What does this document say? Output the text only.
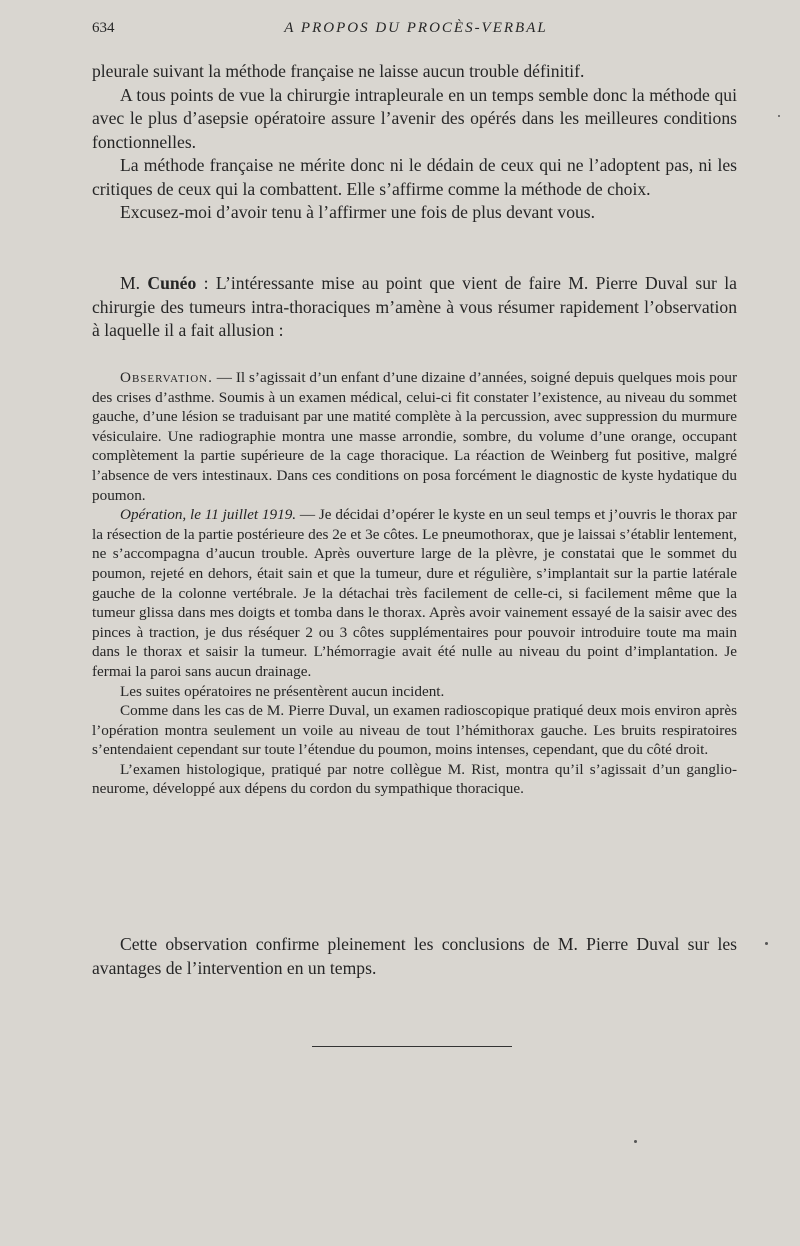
634	A PROPOS DU PROCÈS-VERBAL

pleurale suivant la méthode française ne laisse aucun trouble définitif.

A tous points de vue la chirurgie intrapleurale en un temps semble donc la méthode qui avec le plus d’asepsie opératoire assure l’avenir des opérés dans les meilleures conditions fonctionnelles.

La méthode française ne mérite donc ni le dédain de ceux qui ne l’adoptent pas, ni les critiques de ceux qui la combattent. Elle s’affirme comme la méthode de choix.

Excusez-moi d’avoir tenu à l’affirmer une fois de plus devant vous.

M. Cunéo : L’intéressante mise au point que vient de faire M. Pierre Duval sur la chirurgie des tumeurs intra-thoraciques m’amène à vous résumer rapidement l’observation à laquelle il a fait allusion :

Observation. — Il s’agissait d’un enfant d’une dizaine d’années, soigné depuis quelques mois pour des crises d’asthme. Soumis à un examen médical, celui-ci fit constater l’existence, au niveau du sommet gauche, d’une lésion se traduisant par une matité complète à la percussion, avec suppression du murmure vésiculaire. Une radiographie montra une masse arrondie, sombre, du volume d’une orange, occupant complètement la partie supérieure de la cage thoracique. La réaction de Weinberg fut positive, malgré l’absence de vers intestinaux. Dans ces conditions on posa forcément le diagnostic de kyste hydatique du poumon.

Opération, le 11 juillet 1919. — Je décidai d’opérer le kyste en un seul temps et j’ouvris le thorax par la résection de la partie postérieure des 2e et 3e côtes. Le pneumothorax, que je laissai s’établir lentement, ne s’accompagna d’aucun trouble. Après ouverture large de la plèvre, je constatai que le sommet du poumon, rejeté en dehors, était sain et que la tumeur, dure et régulière, s’implantait sur la partie latérale gauche de la colonne vertébrale. Je la détachai très facilement de celle-ci, si facilement même que la tumeur glissa dans mes doigts et tomba dans le thorax. Après avoir vainement essayé de la saisir avec des pinces à traction, je dus réséquer 2 ou 3 côtes supplémentaires pour pouvoir introduire toute ma main dans le thorax et saisir la tumeur. L’hémorragie avait été nulle au niveau du point d’implantation. Je fermai la paroi sans aucun drainage.

Les suites opératoires ne présentèrent aucun incident.

Comme dans les cas de M. Pierre Duval, un examen radioscopique pratiqué deux mois environ après l’opération montra seulement un voile au niveau de tout l’hémithorax gauche. Les bruits respiratoires s’entendaient cependant sur toute l’étendue du poumon, moins intenses, cependant, que du côté droit.

L’examen histologique, pratiqué par notre collègue M. Rist, montra qu’il s’agissait d’un ganglio-neurome, développé aux dépens du cordon du sympathique thoracique.

Cette observation confirme pleinement les conclusions de M. Pierre Duval sur les avantages de l’intervention en un temps.
